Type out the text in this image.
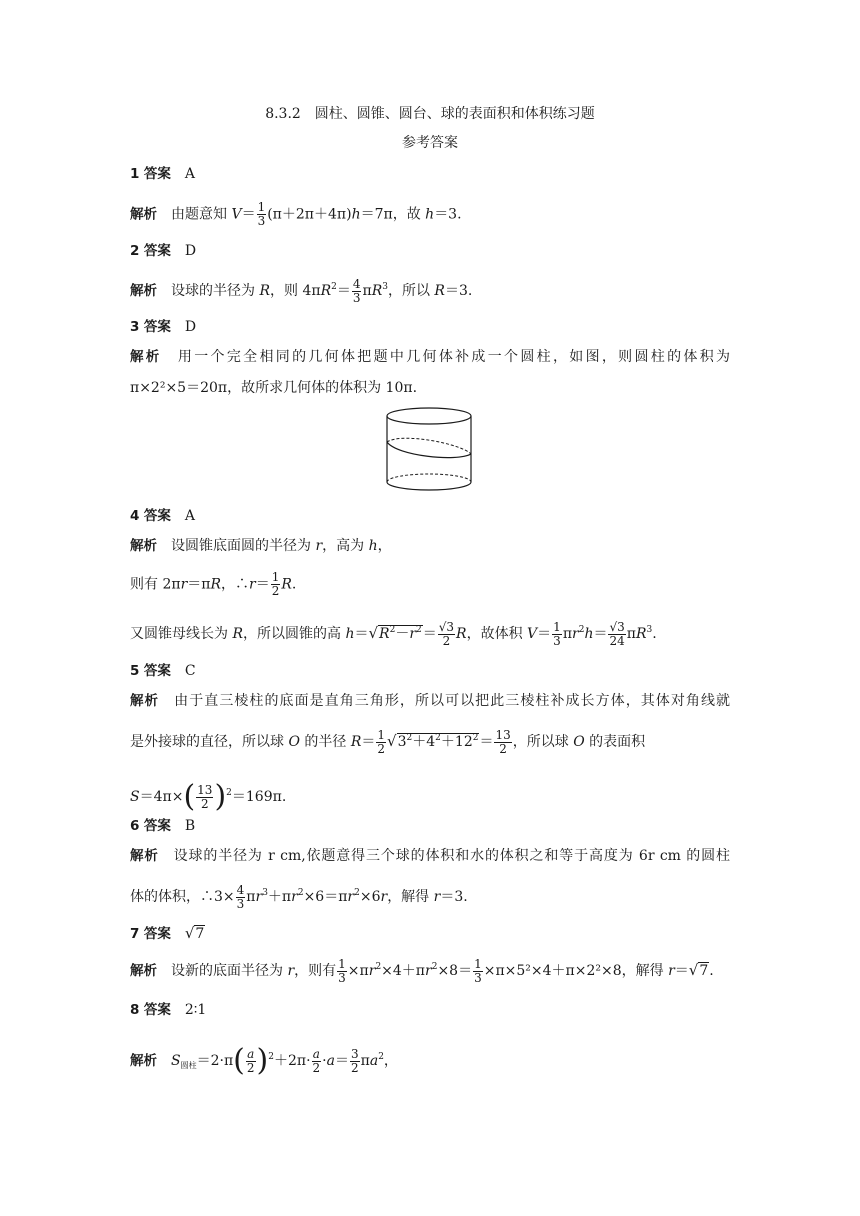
8.3.2　圆柱、圆锥、圆台、球的表面积和体积练习题
参考答案
1 答案 A
解析 由题意知 $V= \frac{1}{3} (\pi+2\pi+4\pi)h=7\pi$，故 h＝3.
2 答案 D
解析 设球的半径为 R，则 $4\pi R^2= \frac{4}{3} \pi R^3$，所以 R＝3.
3 答案 D
解析 用一个完全相同的几何体把题中几何体补成一个圆柱，如图，则圆柱的体积为
π×2²×5＝20π，故所求几何体的体积为 10π.
4 答案 A
解析 设圆锥底面圆的半径为 r，高为 h，
则有 2πr＝πR，∴r＝ $\frac{1}{2} R$.
又圆锥母线长为 R，所以圆锥的高 $h=√R^2-r^2= \frac{√3}{2}$ R，故体积 $V= \frac{1}{3} \pi r^2h= \frac{√3}{24} \pi R^3$.
5 答案 C
解析 由于直三棱柱的底面是直角三角形，所以可以把此三棱柱补成长方体，其体对角线就
是外接球的直径，所以球 O 的半径 $R= \frac{1}{2} √3^2+4^2+12^2= \frac{13}{2}$ ，所以球 O 的表面积
$S=4\pi\times( \frac{13}{2} )^2=169\pi$.
6 答案 B
解析 设球的半径为 r cm,依题意得三个球的体积和水的体积之和等于高度为 6r cm 的圆柱
体的体积，∴3× $\frac{4}{3} \pi r^3+\pi r^2\times 6=\pi r^2\times 6r$，解得 r＝3.
7 答案 √7
解析 设新的底面半径为 r，则有 $\frac{1}{3} \times\pi r^2\times 4+\pi r^2\times 8= \frac{1}{3} \times\pi\times 5^2\times 4+\pi\times 2^2\times 8$，解得 r＝√7.
8 答案 2∶1
解析 $S_{圆柱}=2\cdot\pi( \frac{a}{2} )^2+2\pi\cdot \frac{a}{2} \cdot a= \frac{3}{2} \pi a^2$，
